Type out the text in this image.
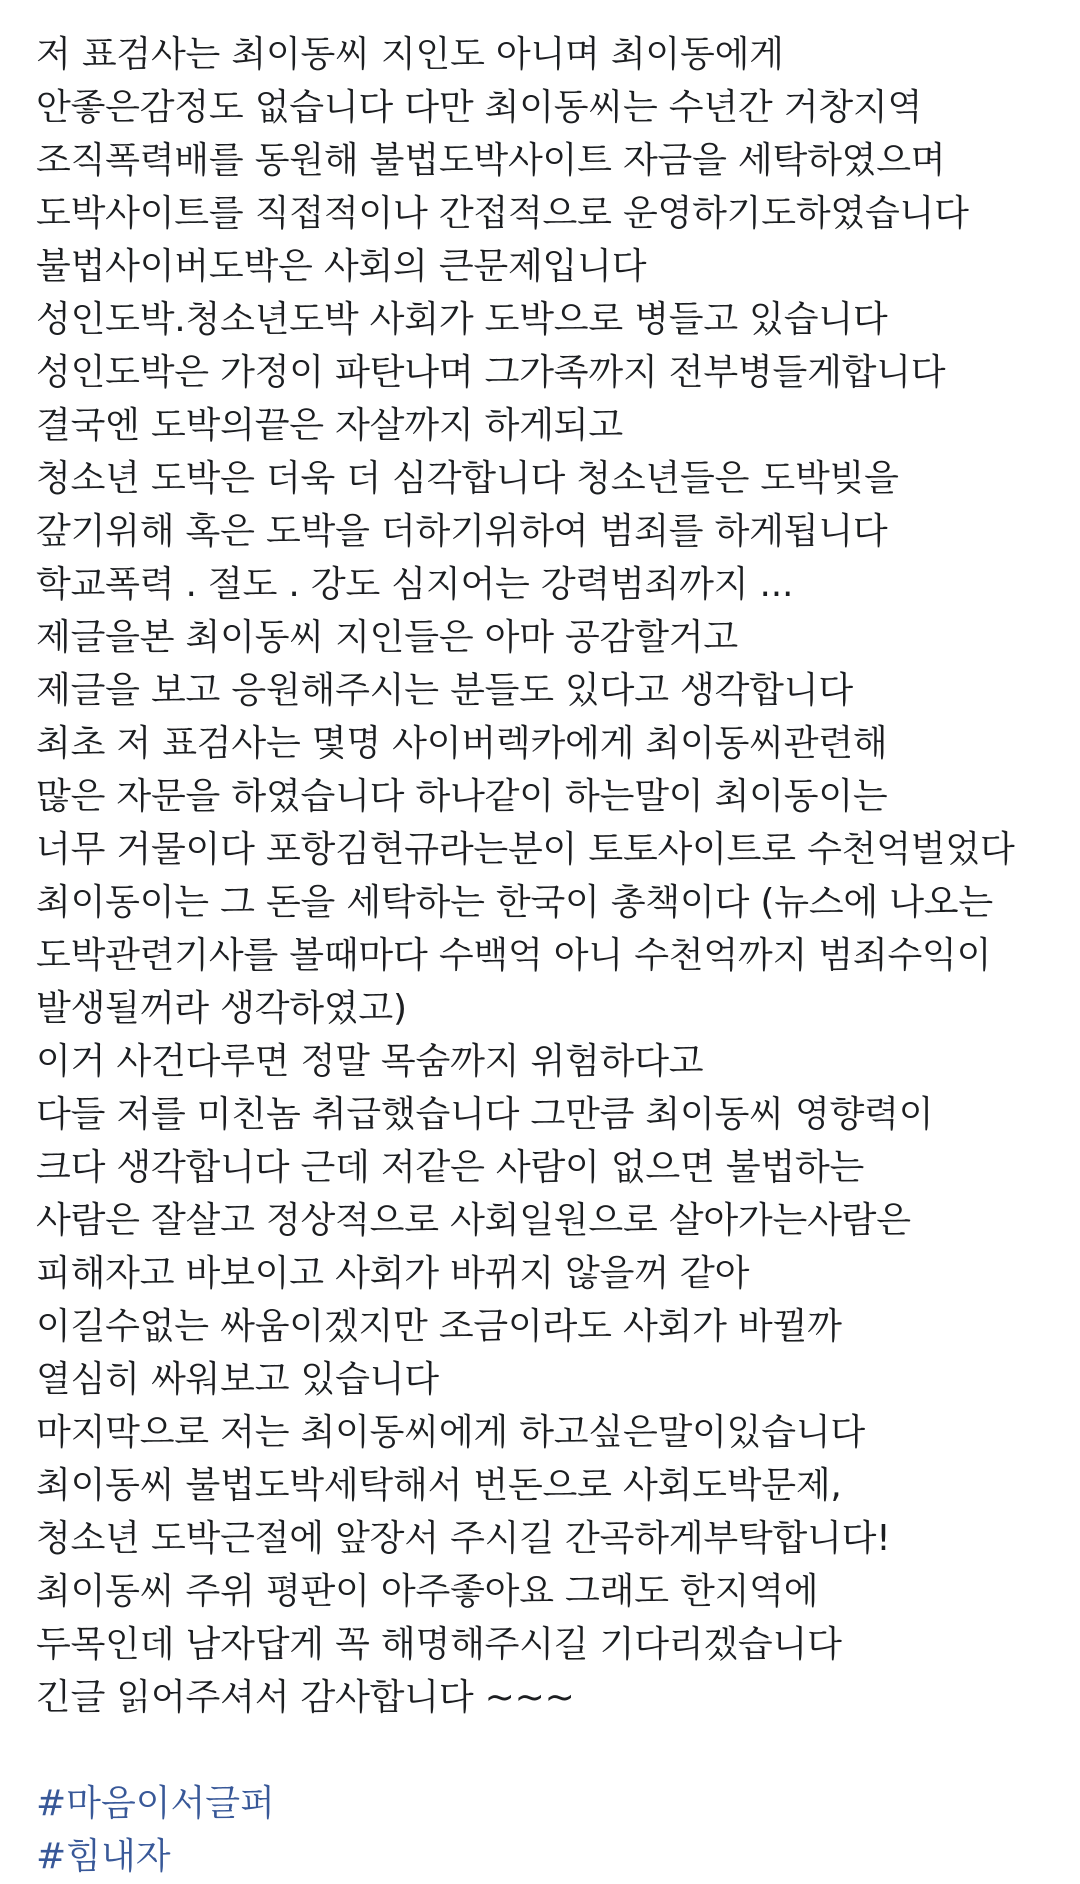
저 표검사는 최이동씨 지인도 아니며 최이동에게
안좋은감정도 없습니다 다만 최이동씨는 수년간 거창지역
조직폭력배를 동원해 불법도박사이트 자금을 세탁하였으며
도박사이트를 직접적이나 간접적으로 운영하기도하였습니다
불법사이버도박은 사회의 큰문제입니다
성인도박.청소년도박 사회가 도박으로 병들고 있습니다
성인도박은 가정이 파탄나며 그가족까지 전부병들게합니다
결국엔 도박의끝은 자살까지 하게되고
청소년 도박은 더욱 더 심각합니다 청소년들은 도박빚을
갚기위해 혹은 도박을 더하기위하여 범죄를 하게됩니다
학교폭력 . 절도 . 강도 심지어는 강력범죄까지 ...
제글을본 최이동씨 지인들은 아마 공감할거고
제글을 보고 응원해주시는 분들도 있다고 생각합니다
최초 저 표검사는 몇명 사이버렉카에게 최이동씨관련해
많은 자문을 하였습니다 하나같이 하는말이 최이동이는
너무 거물이다 포항김현규라는분이 토토사이트로 수천억벌었다
최이동이는 그 돈을 세탁하는 한국이 총책이다 (뉴스에 나오는
도박관련기사를 볼때마다 수백억 아니 수천억까지 범죄수익이
발생될꺼라 생각하였고)
이거 사건다루면 정말 목숨까지 위험하다고
다들 저를 미친놈 취급했습니다 그만큼 최이동씨 영향력이
크다 생각합니다 근데 저같은 사람이 없으면 불법하는
사람은 잘살고 정상적으로 사회일원으로 살아가는사람은
피해자고 바보이고 사회가 바뀌지 않을꺼 같아
이길수없는 싸움이겠지만 조금이라도 사회가 바뀔까
열심히 싸워보고 있습니다
마지막으로 저는 최이동씨에게 하고싶은말이있습니다
최이동씨 불법도박세탁해서 번돈으로 사회도박문제,
청소년 도박근절에 앞장서 주시길 간곡하게부탁합니다!
최이동씨 주위 평판이 아주좋아요 그래도 한지역에
두목인데 남자답게 꼭 해명해주시길 기다리겠습니다
긴글 읽어주셔서 감사합니다 ~~~
#마음이서글퍼
#힘내자
